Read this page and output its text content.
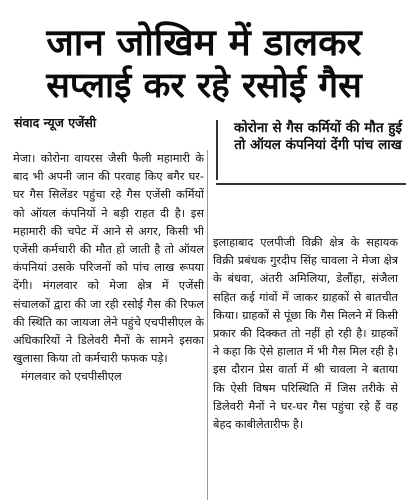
जान जोखिम में डालकर
सप्लाई कर रहे रसोई गैस
संवाद न्यूज एजेंसी	कोरोना से गैस कर्मियों की मौत हुई तो ऑयल कंपनियां देंगी पांच लाख

मेजा। कोरोना वायरस जैसी फैली महामारी के बाद भी अपनी जान की परवाह किए बगैर घर-घर गैस सिलेंडर पहुंचा रहे गैस एजेंसी कर्मियों को ऑयल कंपनियों ने बड़ी राहत दी है। इस महामारी की चपेट में आने से अगर, किसी भी एजेंसी कर्मचारी की मौत हो जाती है तो ऑयल कंपनियां उसके परिजनों को पांच लाख रूपया देंगी। मंगलवार को मेजा क्षेत्र में एजेंसी संचालकों द्वारा की जा रही रसोई गैस की रिफल की स्थिति का जायजा लेने पहुंचे एचपीसीएल के अधिकारियों ने डिलेवरी मैनों के सामने इसका खुलासा किया तो कर्मचारी फफक पड़े।

मंगलवार को एचपीसीएल

इलाहाबाद एलपीजी विक्री क्षेत्र के सहायक विक्री प्रबंधक गुरदीप सिंह चावला ने मेजा क्षेत्र के बंधवा, अंतरी अमिलिया, डेलौंहा, संजैला सहित कई गांवों में जाकर ग्राहकों से बातचीत किया। ग्राहकों से पूंछा कि गैस मिलने में किसी प्रकार की दिक्कत तो नहीं हो रही है। ग्राहकों ने कहा कि ऐसे हालात में भी गैस मिल रही है। इस दौरान प्रेस वार्ता में श्री चावला ने बताया कि ऐसी विषम परिस्थिति में जिस तरीके से डिलेवरी मैनों ने घर-घर गैस पहुंचा रहे हैं वह बेहद काबीलेतारीफ है।
